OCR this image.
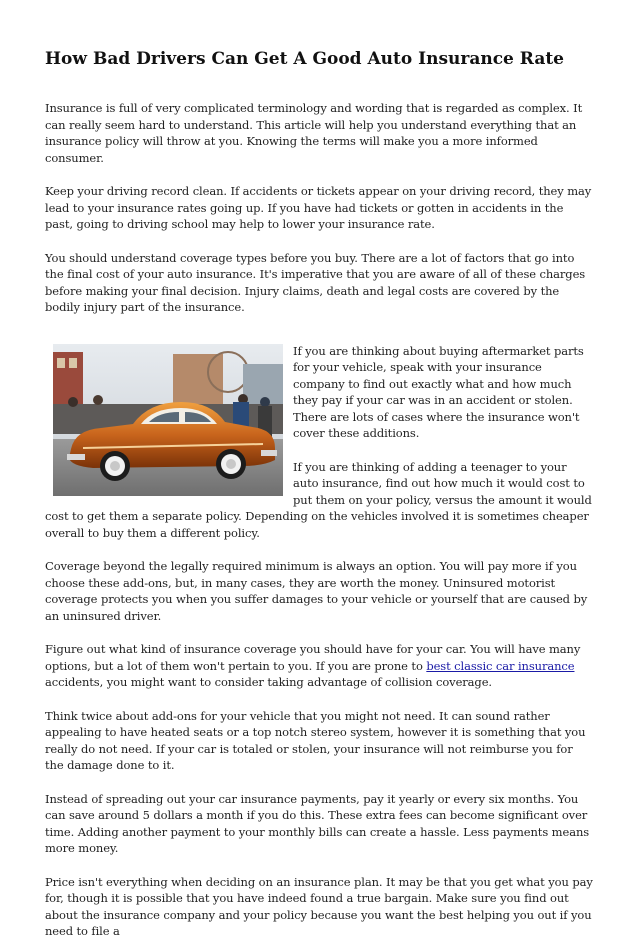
How Bad Drivers Can Get A Good Auto Insurance Rate

Insurance is full of very complicated terminology and wording that is regarded as complex. It can really seem hard to understand. This article will help you understand everything that an insurance policy will throw at you. Knowing the terms will make you a more informed consumer.

Keep your driving record clean. If accidents or tickets appear on your driving record, they may lead to your insurance rates going up. If you have had tickets or gotten in accidents in the past, going to driving school may help to lower your insurance rate.

You should understand coverage types before you buy. There are a lot of factors that go into the final cost of your auto insurance. It's imperative that you are aware of all of these charges before making your final decision. Injury claims, death and legal costs are covered by the bodily injury part of the insurance.

If you are thinking about buying aftermarket parts for your vehicle, speak with your insurance company to find out exactly what and how much they pay if your car was in an accident or stolen. There are lots of cases where the insurance won't cover these additions.

If you are thinking of adding a teenager to your auto insurance, find out how much it would cost to put them on your policy, versus the amount it would cost to get them a separate policy. Depending on the vehicles involved it is sometimes cheaper overall to buy them a different policy.

Coverage beyond the legally required minimum is always an option. You will pay more if you choose these add-ons, but, in many cases, they are worth the money. Uninsured motorist coverage protects you when you suffer damages to your vehicle or yourself that are caused by an uninsured driver.

Figure out what kind of insurance coverage you should have for your car. You will have many options, but a lot of them won't pertain to you. If you are prone to best classic car insurance accidents, you might want to consider taking advantage of collision coverage.

Think twice about add-ons for your vehicle that you might not need. It can sound rather appealing to have heated seats or a top notch stereo system, however it is something that you really do not need. If your car is totaled or stolen, your insurance will not reimburse you for the damage done to it.

Instead of spreading out your car insurance payments, pay it yearly or every six months. You can save around 5 dollars a month if you do this. These extra fees can become significant over time. Adding another payment to your monthly bills can create a hassle. Less payments means more money.

Price isn't everything when deciding on an insurance plan. It may be that you get what you pay for, though it is possible that you have indeed found a true bargain. Make sure you find out about the insurance company and your policy because you want the best helping you out if you need to file a
